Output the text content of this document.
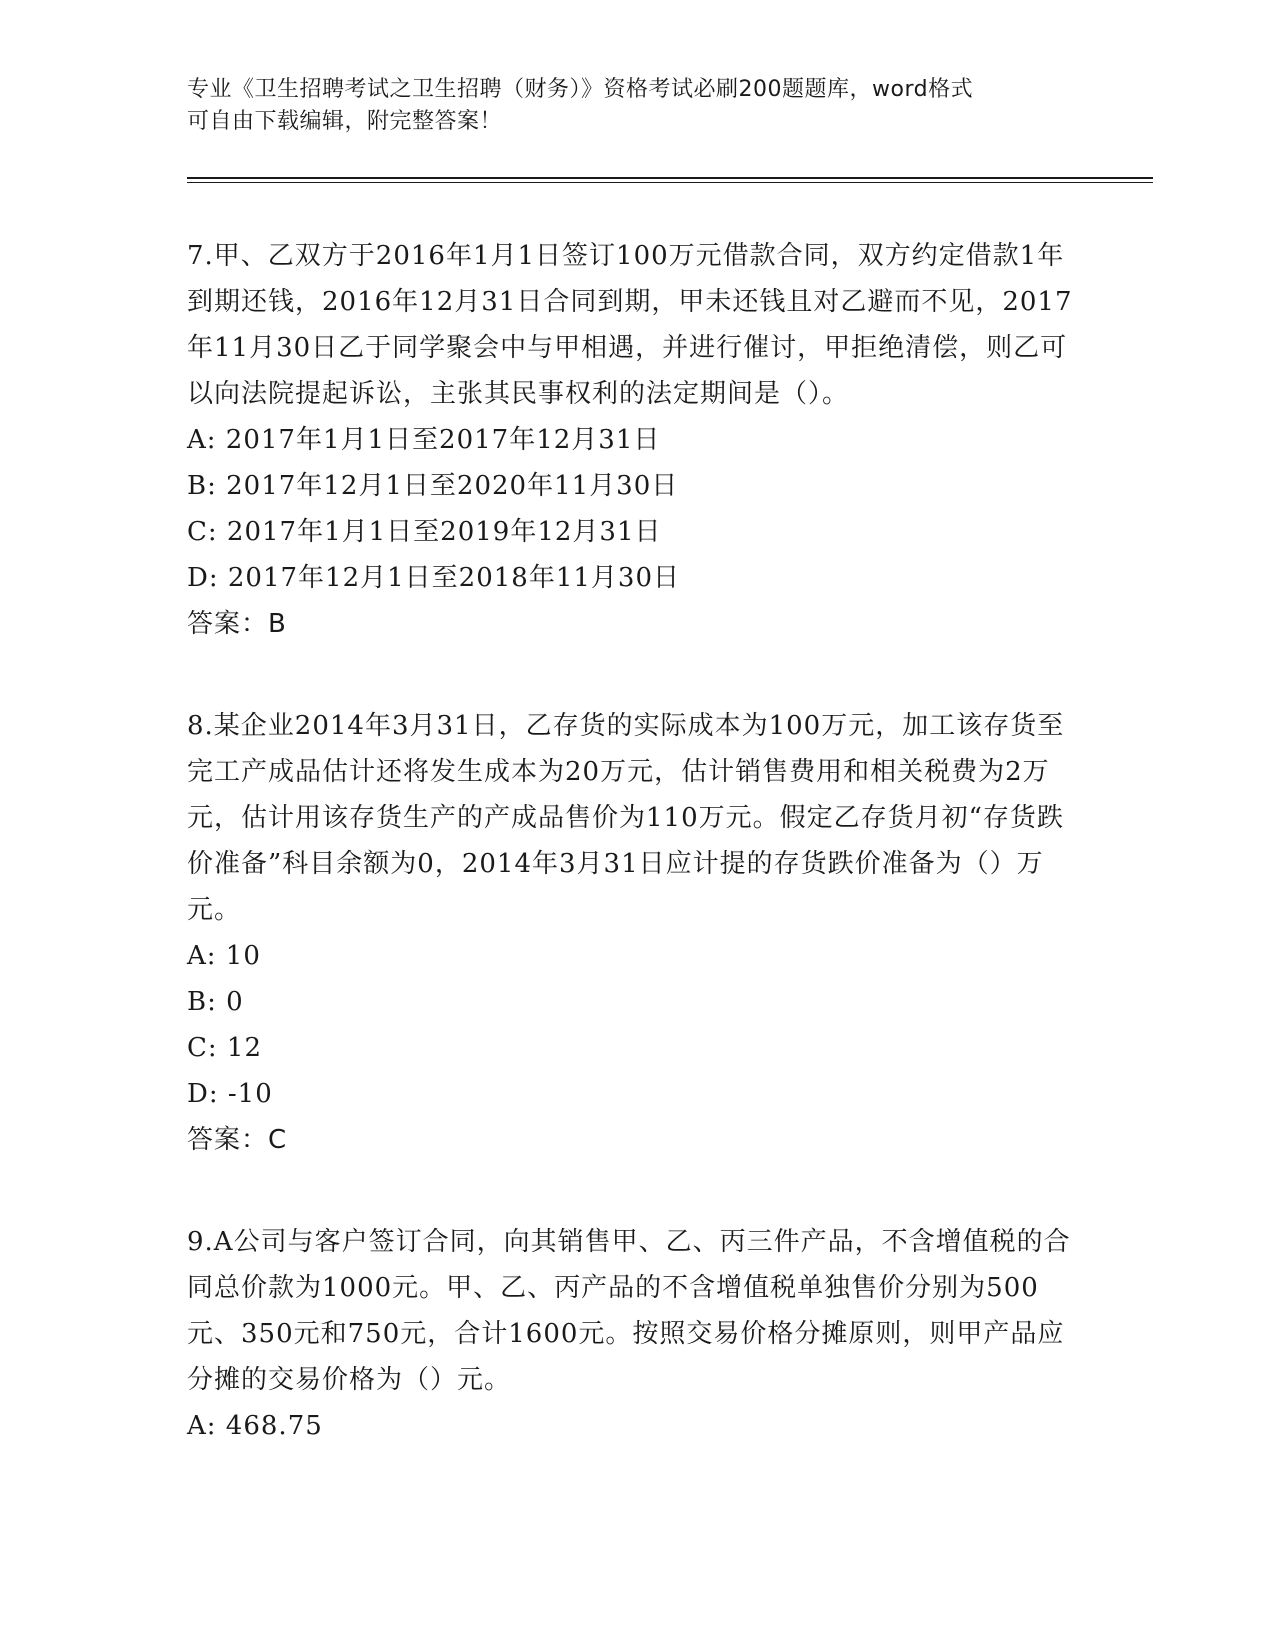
专业《卫生招聘考试之卫生招聘（财务）》资格考试必刷200题题库，word格式
可自由下载编辑，附完整答案！

7.甲、乙双方于2016年1月1日签订100万元借款合同，双方约定借款1年到期还钱，2016年12月31日合同到期，甲未还钱且对乙避而不见，2017年11月30日乙于同学聚会中与甲相遇，并进行催讨，甲拒绝清偿，则乙可以向法院提起诉讼，主张其民事权利的法定期间是（）。

A: 2017年1月1日至2017年12月31日

B: 2017年12月1日至2020年11月30日

C: 2017年1月1日至2019年12月31日

D: 2017年12月1日至2018年11月30日

答案：B

8.某企业2014年3月31日，乙存货的实际成本为100万元，加工该存货至完工产成品估计还将发生成本为20万元，估计销售费用和相关税费为2万元，估计用该存货生产的产成品售价为110万元。假定乙存货月初“存货跌价准备”科目余额为0，2014年3月31日应计提的存货跌价准备为（）万元。

A: 10

B: 0

C: 12

D: -10

答案：C

9.A公司与客户签订合同，向其销售甲、乙、丙三件产品，不含增值税的合同总价款为1000元。甲、乙、丙产品的不含增值税单独售价分别为500元、350元和750元，合计1600元。按照交易价格分摊原则，则甲产品应分摊的交易价格为（）元。

A: 468.75
